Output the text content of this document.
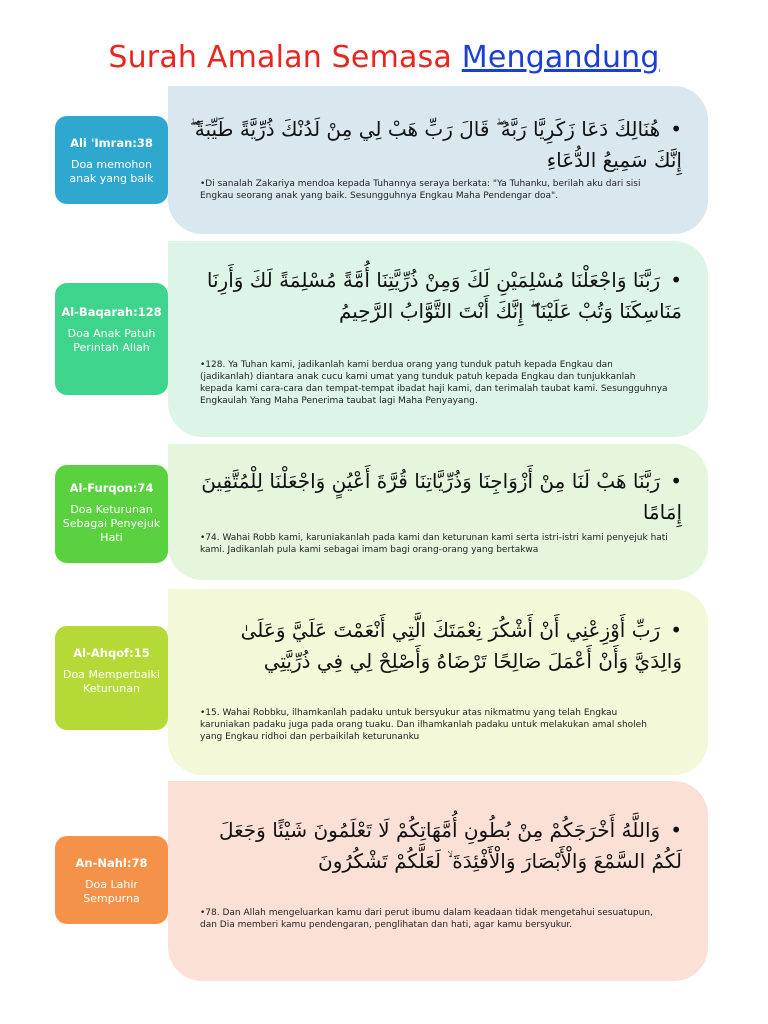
Surah Amalan Semasa Mengandung
•هُنَالِكَ دَعَا زَكَرِيَّا رَبَّهُ ۖ قَالَ رَبِّ هَبْ لِي مِنْ لَدُنْكَ ذُرِّيَّةً طَيِّبَةً ۖ إِنَّكَ سَمِيعُ الدُّعَاءِ
•Di sanalah Zakariya mendoa kepada Tuhannya seraya berkata: "Ya Tuhanku, berilah aku dari sisi Engkau seorang anak yang baik. Sesungguhnya Engkau Maha Pendengar doa".
Ali 'Imran:38
Doa memohon anak yang baik
•رَبَّنَا وَاجْعَلْنَا مُسْلِمَيْنِ لَكَ وَمِنْ ذُرِّيَّتِنَا أُمَّةً مُسْلِمَةً لَكَ وَأَرِنَا مَنَاسِكَنَا وَتُبْ عَلَيْنَا ۖ إِنَّكَ أَنْتَ التَّوَّابُ الرَّحِيمُ
•128. Ya Tuhan kami, jadikanlah kami berdua orang yang tunduk patuh kepada Engkau dan (jadikanlah) diantara anak cucu kami umat yang tunduk patuh kepada Engkau dan tunjukkanlah kepada kami cara-cara dan tempat-tempat ibadat haji kami, dan terimalah taubat kami. Sesungguhnya Engkaulah Yang Maha Penerima taubat lagi Maha Penyayang.
Al-Baqarah:128
Doa Anak Patuh Perintah Allah
•رَبَّنَا هَبْ لَنَا مِنْ أَزْوَاجِنَا وَذُرِّيَّاتِنَا قُرَّةَ أَعْيُنٍ وَاجْعَلْنَا لِلْمُتَّقِينَ إِمَامًا
•74. Wahai Robb kami, karuniakanlah pada kami dan keturunan kami serta istri-istri kami penyejuk hati kami. Jadikanlah pula kami sebagai imam bagi orang-orang yang bertakwa
Al-Furqon:74
Doa Keturunan Sebagai Penyejuk Hati
•رَبِّ أَوْزِعْنِي أَنْ أَشْكُرَ نِعْمَتَكَ الَّتِي أَنْعَمْتَ عَلَيَّ وَعَلَىٰ وَالِدَيَّ وَأَنْ أَعْمَلَ صَالِحًا تَرْضَاهُ وَأَصْلِحْ لِي فِي ذُرِّيَّتِي
•15. Wahai Robbku, ilhamkanlah padaku untuk bersyukur atas nikmatmu yang telah Engkau karuniakan padaku juga pada orang tuaku. Dan ilhamkanlah padaku untuk melakukan amal sholeh yang Engkau ridhoi dan perbaikilah keturunanku
Al-Ahqof:15
Doa Memperbaiki Keturunan
•وَاللَّهُ أَخْرَجَكُمْ مِنْ بُطُونِ أُمَّهَاتِكُمْ لَا تَعْلَمُونَ شَيْئًا وَجَعَلَ لَكُمُ السَّمْعَ وَالْأَبْصَارَ وَالْأَفْئِدَةَ ۙ لَعَلَّكُمْ تَشْكُرُونَ
•78. Dan Allah mengeluarkan kamu dari perut ibumu dalam keadaan tidak mengetahui sesuatupun, dan Dia memberi kamu pendengaran, penglihatan dan hati, agar kamu bersyukur.
An-Nahl:78
Doa Lahir Sempurna
